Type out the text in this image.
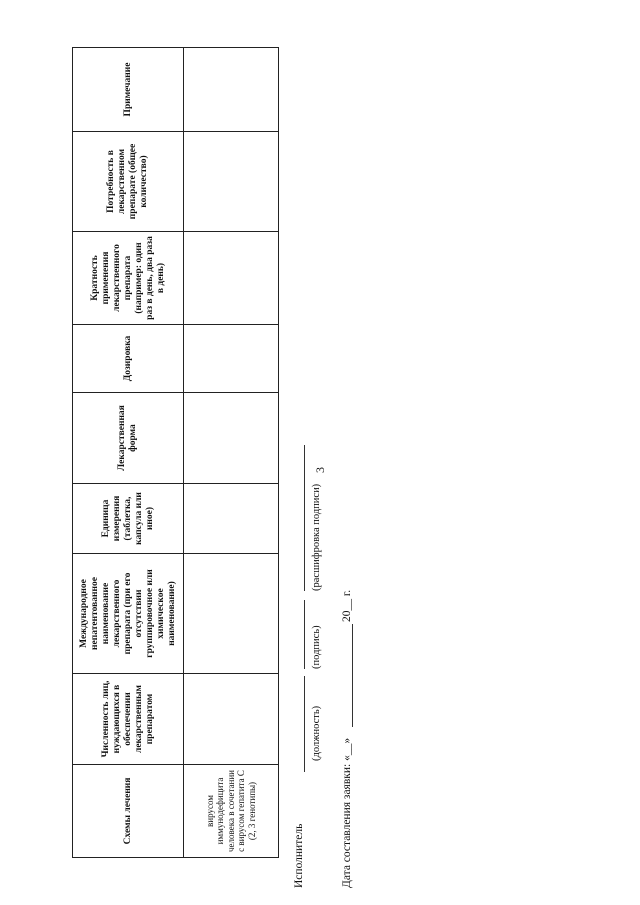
3
Схемы лечения	Численность лиц, нуждающихся в обеспечении лекарственным препаратом	Международное непатентованное наименование лекарственного препарата (при его отсутствии группировочное или химическое наименование)	Единица измерения (таблетка, капсула или иное)	Лекарственная форма	Дозировка	Кратность применения лекарственного препарата (например: один раз в день, два раза в день)	Потребность в лекарственном препарате (общее количество)	Примечание
вирусом иммунодефицита человека в сочетании с вирусом гепатита С (2, 3 генотипы)								
Исполнитель
(должность)
(подпись)
(расшифровка подписи)
Дата составления заявки: «__»
20__ г.
